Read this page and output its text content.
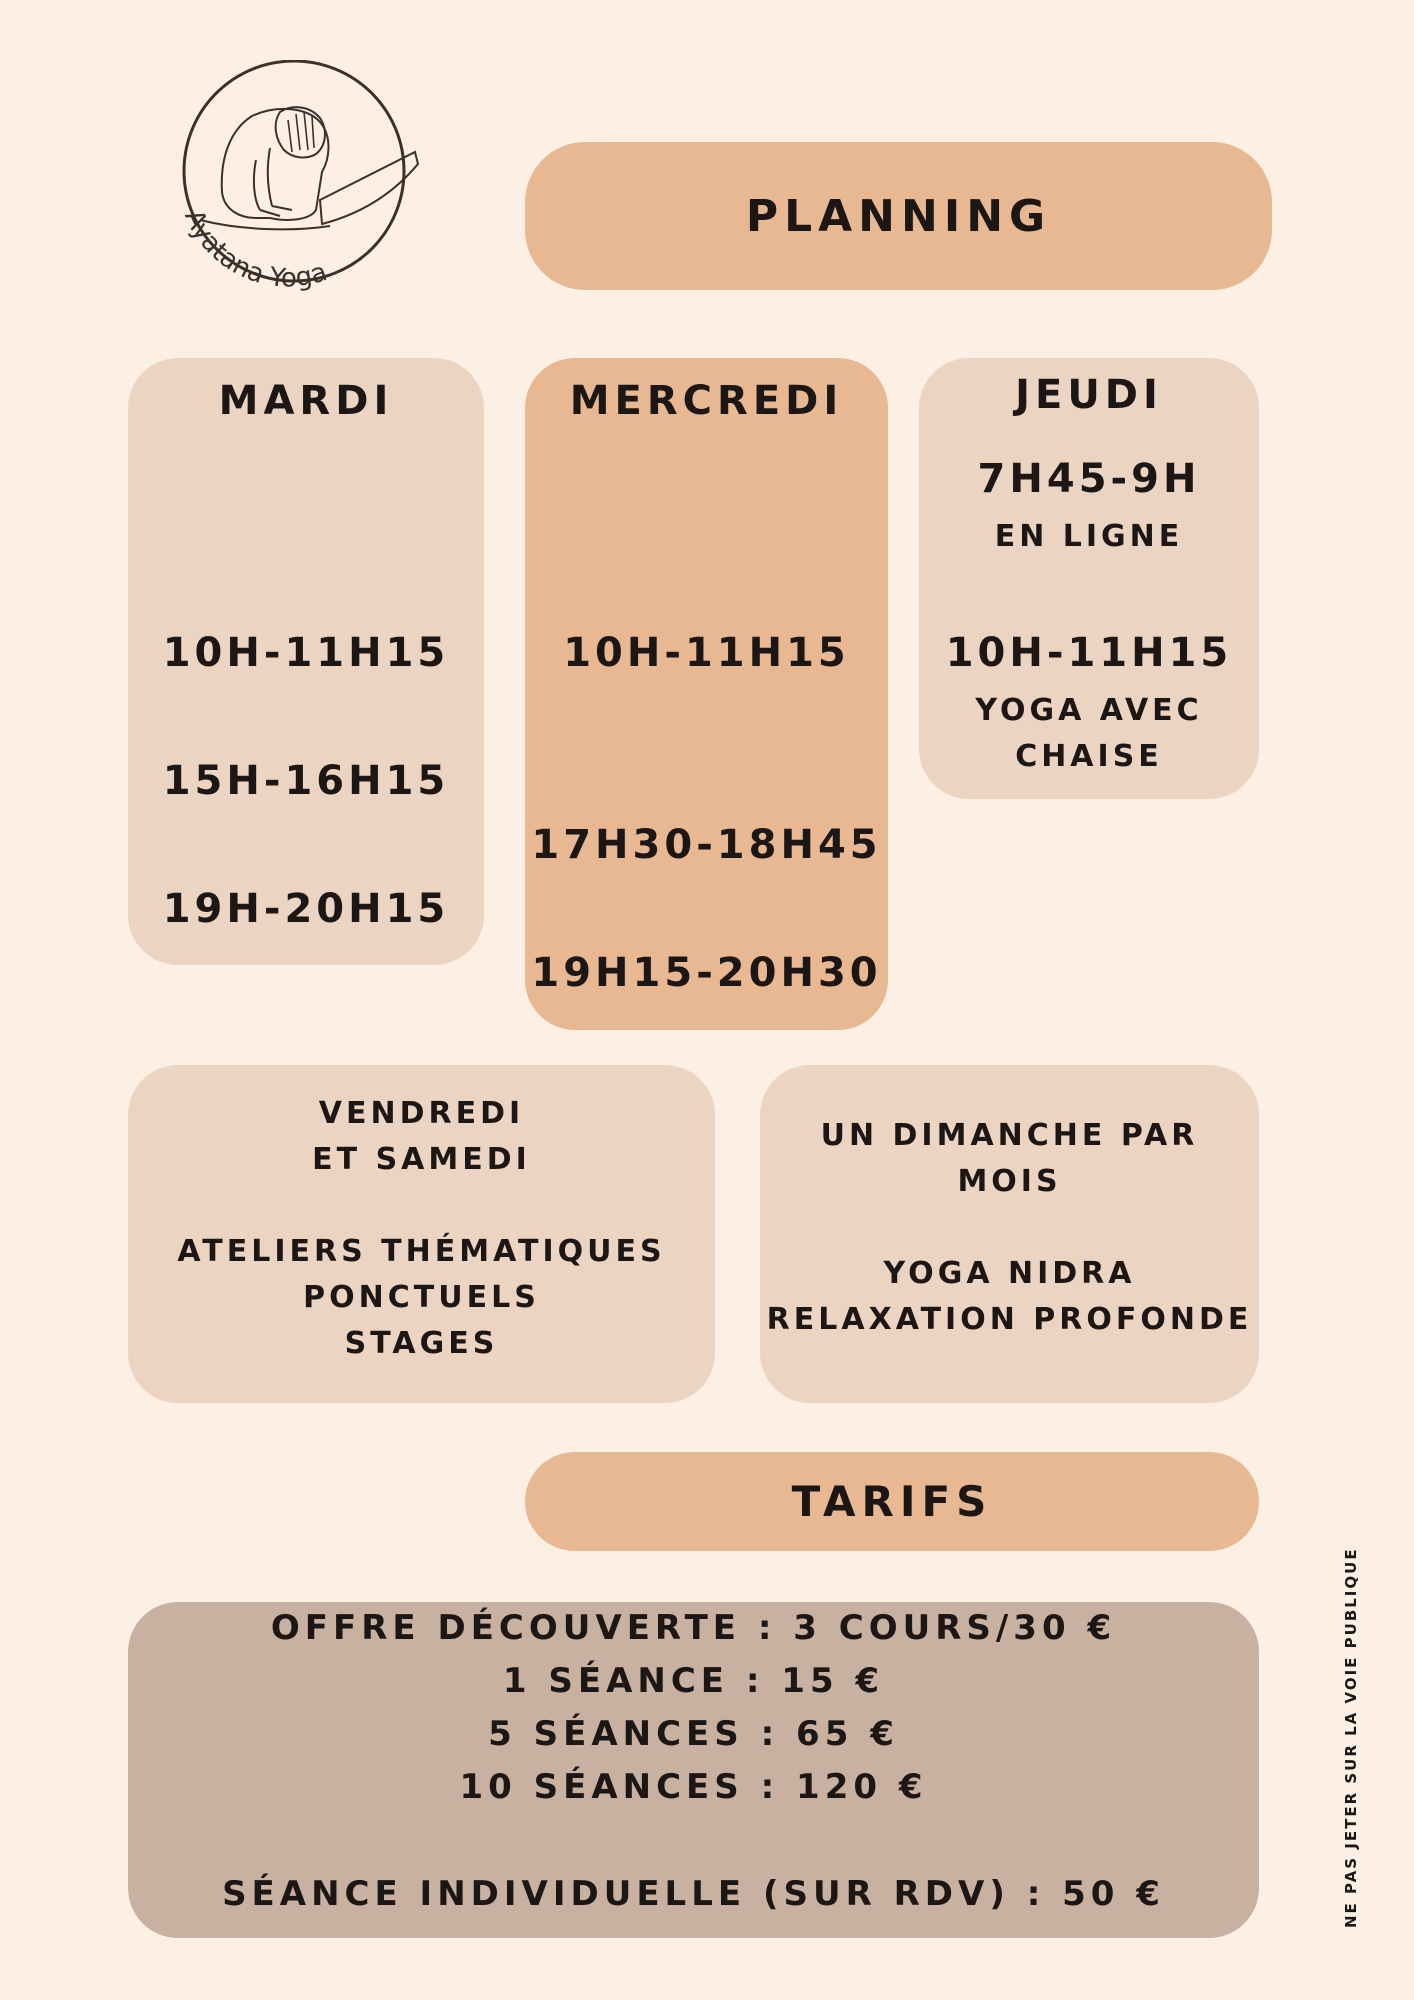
Ayatana Yoga
PLANNING
MARDI
10H-11H15
15H-16H15
19H-20H15
MERCREDI
10H-11H15
17H30-18H45
19H15-20H30
JEUDI
7H45-9H
EN LIGNE
10H-11H15
YOGA AVEC
CHAISE
VENDREDI
ET SAMEDI
ATELIERS THÉMATIQUES
PONCTUELS
STAGES
UN DIMANCHE PAR
MOIS
YOGA NIDRA
RELAXATION PROFONDE
TARIFS
OFFRE DÉCOUVERTE : 3 COURS/30 €
1 SÉANCE : 15 €
5 SÉANCES : 65 €
10 SÉANCES : 120 €
SÉANCE INDIVIDUELLE (SUR RDV) : 50 €	NE PAS JETER SUR LA VOIE PUBLIQUE
